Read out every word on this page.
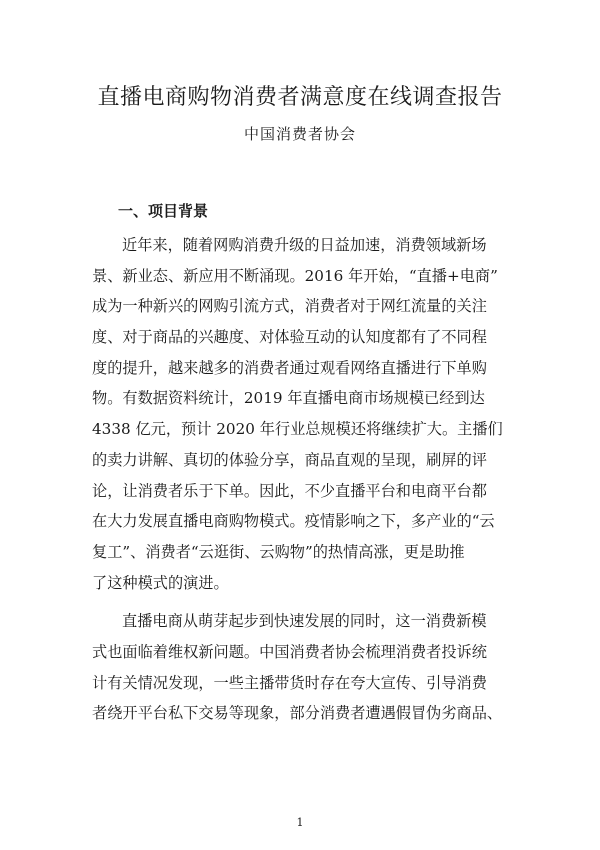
直播电商购物消费者满意度在线调查报告
中国消费者协会
一、项目背景
近年来，随着网购消费升级的日益加速，消费领域新场
景、新业态、新应用不断涌现。2016 年开始，“直播+电商”
成为一种新兴的网购引流方式，消费者对于网红流量的关注
度、对于商品的兴趣度、对体验互动的认知度都有了不同程
度的提升，越来越多的消费者通过观看网络直播进行下单购
物。有数据资料统计，2019 年直播电商市场规模已经到达
4338 亿元，预计 2020 年行业总规模还将继续扩大。主播们
的卖力讲解、真切的体验分享，商品直观的呈现，刷屏的评
论，让消费者乐于下单。因此，不少直播平台和电商平台都
在大力发展直播电商购物模式。疫情影响之下，多产业的“云
复工”、消费者“云逛街、云购物”的热情高涨，更是助推
了这种模式的演进。
直播电商从萌芽起步到快速发展的同时，这一消费新模
式也面临着维权新问题。中国消费者协会梳理消费者投诉统
计有关情况发现，一些主播带货时存在夸大宣传、引导消费
者绕开平台私下交易等现象，部分消费者遭遇假冒伪劣商品、
1
